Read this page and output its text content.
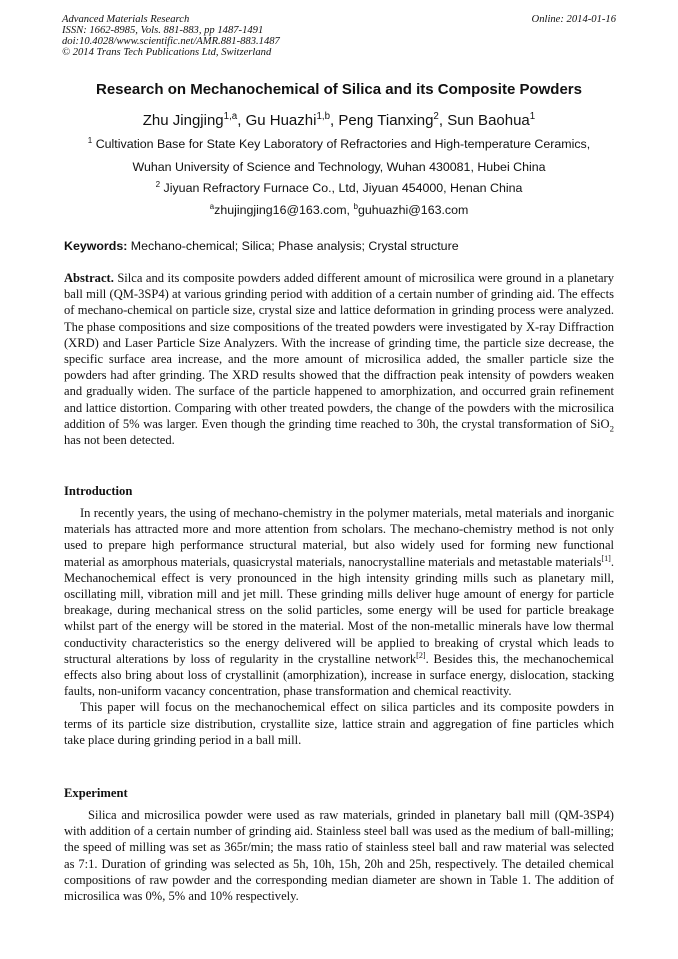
Advanced Materials Research
ISSN: 1662-8985, Vols. 881-883, pp 1487-1491
doi:10.4028/www.scientific.net/AMR.881-883.1487
© 2014 Trans Tech Publications Ltd, Switzerland
Online: 2014-01-16
Research on Mechanochemical of Silica and its Composite Powders
Zhu Jingjing$^{1,a}$, Gu Huazhi$^{1,b}$, Peng Tianxing$^2$, Sun Baohua$^1$
$^1$ Cultivation Base for State Key Laboratory of Refractories and High-temperature Ceramics,
Wuhan University of Science and Technology, Wuhan 430081, Hubei China
$^2$ Jiyuan Refractory Furnace Co., Ltd, Jiyuan 454000, Henan China
$^a$zhujingjing16@163.com, $^b$guhuazhi@163.com
Keywords: Mechano-chemical; Silica; Phase analysis; Crystal structure

Abstract. Silca and its composite powders added different amount of microsilica were ground in a planetary ball mill (QM-3SP4) at various grinding period with addition of a certain number of grinding aid. The effects of mechano-chemical on particle size, crystal size and lattice deformation in grinding process were analyzed. The phase compositions and size compositions of the treated powders were investigated by X-ray Diffraction (XRD) and Laser Particle Size Analyzers. With the increase of grinding time, the particle size decrease, the specific surface area increase, and the more amount of microsilica added, the smaller particle size the powders had after grinding. The XRD results showed that the diffraction peak intensity of powders weaken and gradually widen. The surface of the particle happened to amorphization, and occurred grain refinement and lattice distortion. Comparing with other treated powders, the change of the powders with the microsilica addition of 5% was larger. Even though the grinding time reached to 30h, the crystal transformation of SiO$_2$ has not been detected.

Introduction

In recently years, the using of mechano-chemistry in the polymer materials, metal materials and inorganic materials has attracted more and more attention from scholars. The mechano-chemistry method is not only used to prepare high performance structural material, but also widely used for forming new functional material as amorphous materials, quasicrystal materials, nanocrystalline materials and metastable materials[1]. Mechanochemical effect is very pronounced in the high intensity grinding mills such as planetary mill, oscillating mill, vibration mill and jet mill. These grinding mills deliver huge amount of energy for particle breakage, during mechanical stress on the solid particles, some energy will be used for particle breakage whilst part of the energy will be stored in the material. Most of the non-metallic minerals have low thermal conductivity characteristics so the energy delivered will be applied to breaking of crystal which leads to structural alterations by loss of regularity in the crystalline network[2]. Besides this, the mechanochemical effects also bring about loss of crystallinit (amorphization), increase in surface energy, dislocation, stacking faults, non-uniform vacancy concentration, phase transformation and chemical reactivity.

This paper will focus on the mechanochemical effect on silica particles and its composite powders in terms of its particle size distribution, crystallite size, lattice strain and aggregation of fine particles which take place during grinding period in a ball mill.

Experiment

Silica and microsilica powder were used as raw materials, grinded in planetary ball mill (QM-3SP4) with addition of a certain number of grinding aid. Stainless steel ball was used as the medium of ball-milling; the speed of milling was set as 365r/min; the mass ratio of stainless steel ball and raw material was selected as 7:1. Duration of grinding was selected as 5h, 10h, 15h, 20h and 25h, respectively. The detailed chemical compositions of raw powder and the corresponding median diameter are shown in Table 1. The addition of microsilica was 0%, 5% and 10% respectively.
